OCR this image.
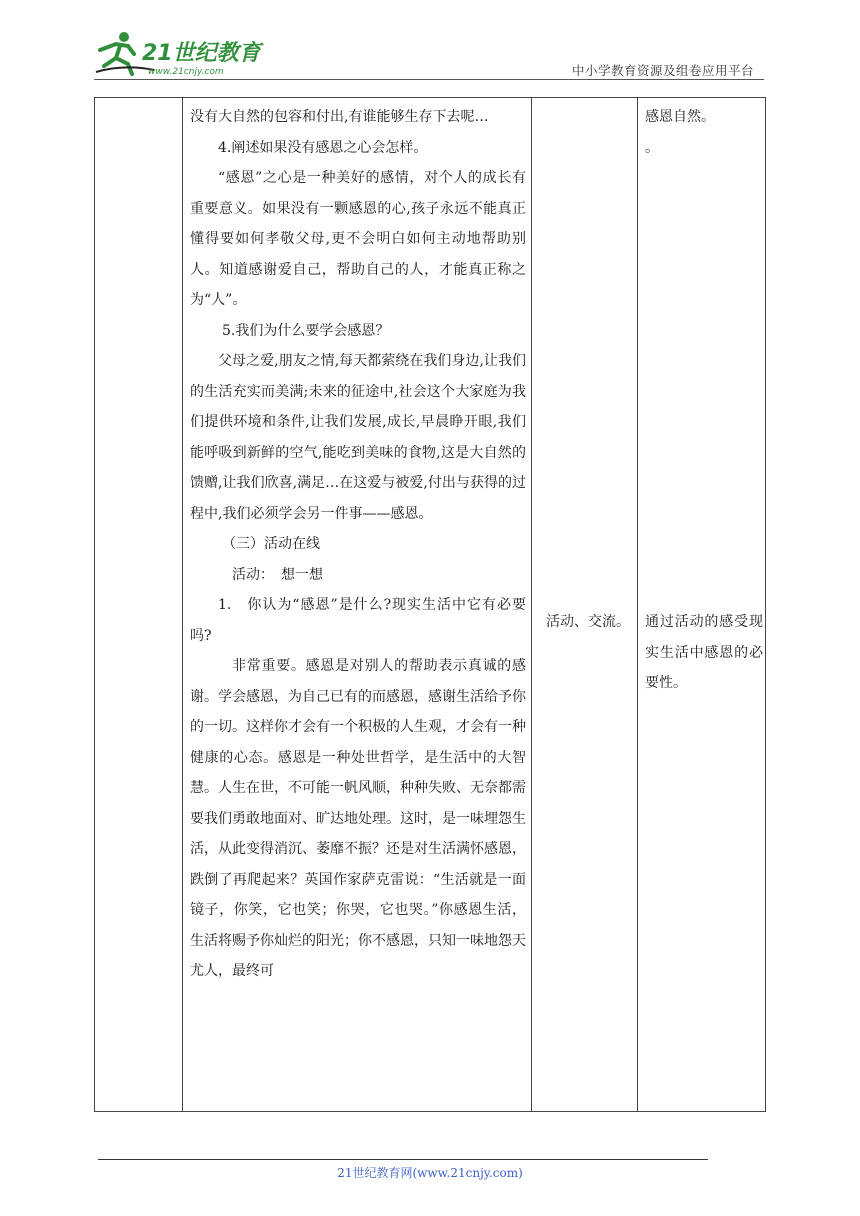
21世纪教育
www.21cnjy.com	中小学教育资源及组卷应用平台

没有大自然的包容和付出,有谁能够生存下去呢…

4.阐述如果没有感恩之心会怎样。

“感恩”之心是一种美好的感情，对个人的成长有重要意义。如果没有一颗感恩的心,孩子永远不能真正懂得要如何孝敬父母,更不会明白如何主动地帮助别人。知道感谢爱自己，帮助自己的人，才能真正称之为“人”。

5.我们为什么要学会感恩？

父母之爱,朋友之情,每天都萦绕在我们身边,让我们的生活充实而美满;未来的征途中,社会这个大家庭为我们提供环境和条件,让我们发展,成长,早晨睁开眼,我们能呼吸到新鲜的空气,能吃到美味的食物,这是大自然的馈赠,让我们欣喜,满足…在这爱与被爱,付出与获得的过程中,我们必须学会另一件事——感恩。

（三）活动在线

活动：　想一想

1.　你认为“感恩”是什么?现实生活中它有必要吗?

非常重要。感恩是对别人的帮助表示真诚的感谢。学会感恩，为自己已有的而感恩，感谢生活给予你的一切。这样你才会有一个积极的人生观，才会有一种健康的心态。感恩是一种处世哲学，是生活中的大智慧。人生在世，不可能一帆风顺，种种失败、无奈都需要我们勇敢地面对、旷达地处理。这时，是一味埋怨生活，从此变得消沉、萎靡不振？还是对生活满怀感恩，跌倒了再爬起来？英国作家萨克雷说：“生活就是一面镜子，你笑，它也笑；你哭，它也哭。”你感恩生活，生活将赐予你灿烂的阳光；你不感恩，只知一味地怨天尤人，最终可

活动、交流。

感恩自然。

。

通过活动的感受现实生活中感恩的必要性。

21世纪教育网(www.21cnjy.com)
